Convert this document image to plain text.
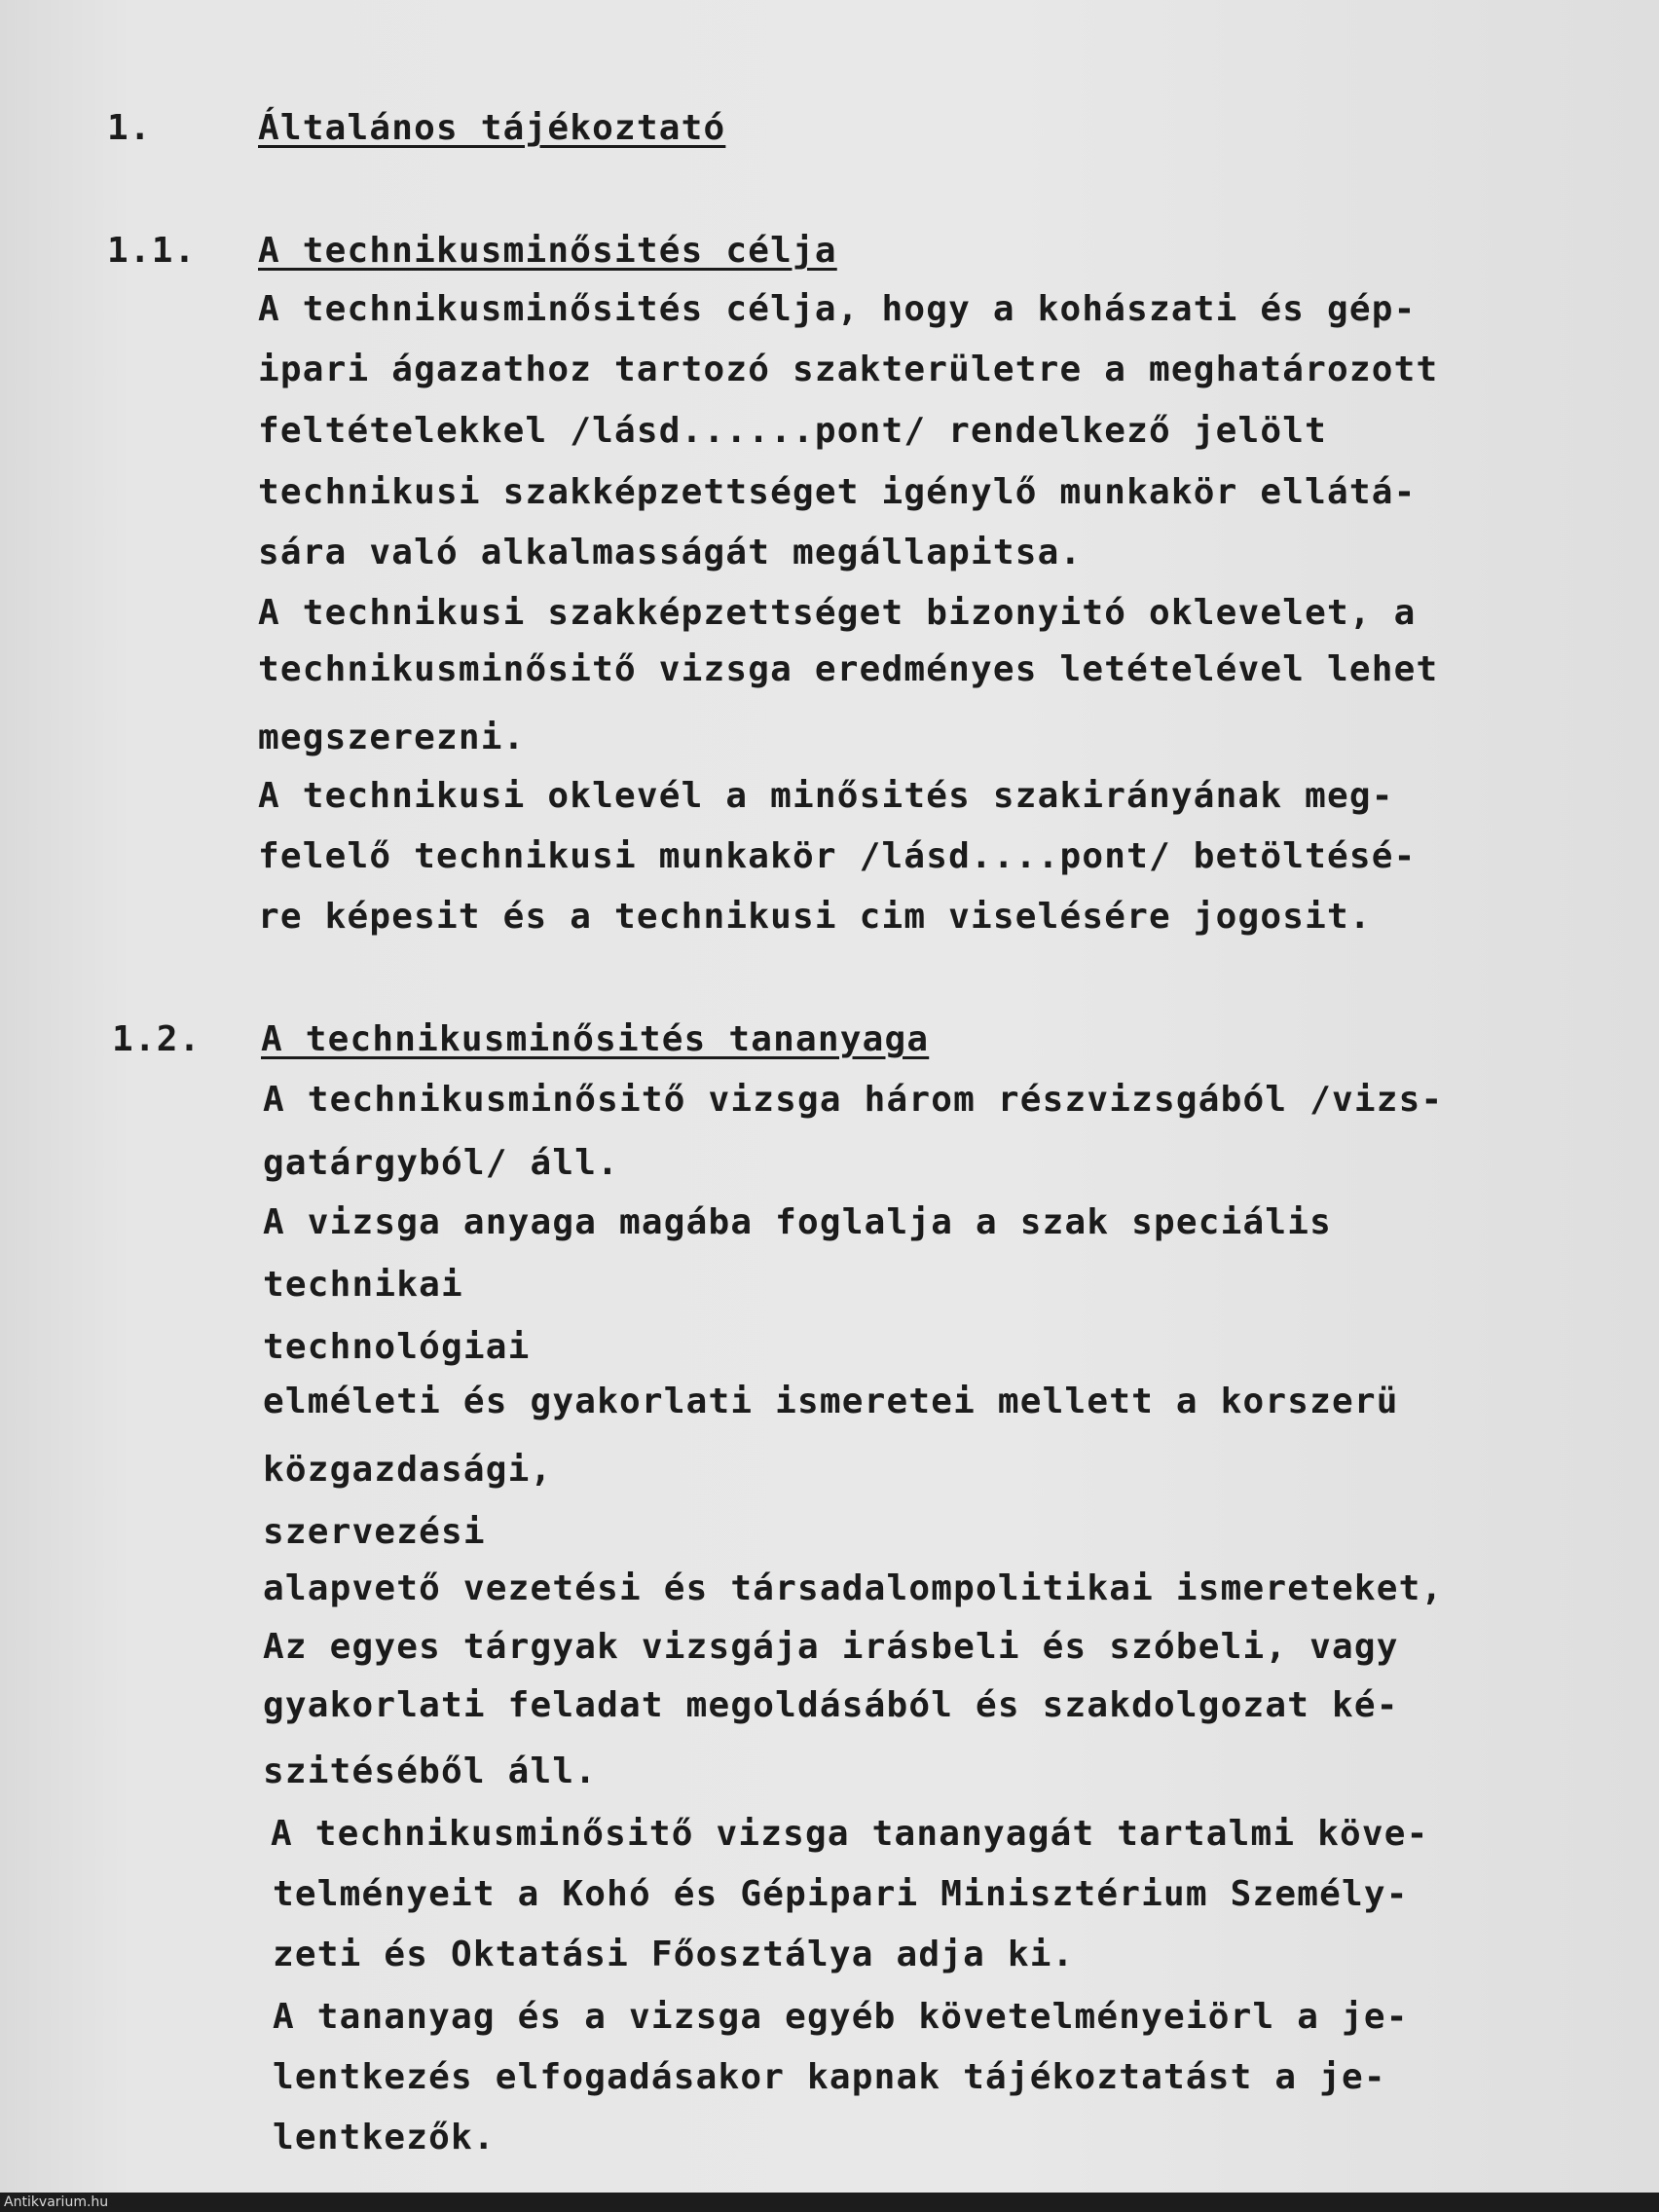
1.	Általános tájékoztató
1.1. A technikusminősités célja
A technikusminősités célja, hogy a kohászati és gép-
ipari ágazathoz tartozó szakterületre a meghatározott
feltételekkel /lásd......pont/ rendelkező jelölt
technikusi szakképzettséget igénylő munkakör ellátá-
sára való alkalmasságát megállapitsa.
A technikusi szakképzettséget bizonyitó oklevelet, a
technikusminősitő vizsga eredményes letételével lehet
megszerezni.
A technikusi oklevél a minősités szakirányának meg-
felelő technikusi munkakör /lásd....pont/ betöltésé-
re képesit és a technikusi cim viselésére jogosit.
1.2. A technikusminősités tananyaga
A technikusminősitő vizsga három részvizsgából /vizs-
gatárgyból/ áll.
A vizsga anyaga magába foglalja a szak speciális
technikai
technológiai
elméleti és gyakorlati ismeretei mellett a korszerü
közgazdasági,
szervezési
alapvető vezetési és társadalompolitikai ismereteket,
Az egyes tárgyak vizsgája irásbeli és szóbeli, vagy
gyakorlati feladat megoldásából és szakdolgozat ké-
szitéséből áll.
A technikusminősitő vizsga tananyagát tartalmi köve-
telményeit a Kohó és Gépipari Minisztérium Személy-
zeti és Oktatási Főosztálya adja ki.
A tananyag és a vizsga egyéb követelményeiörl a je-
lentkezés elfogadásakor kapnak tájékoztatást a je-
lentkezők.
Antikvarium.hu
